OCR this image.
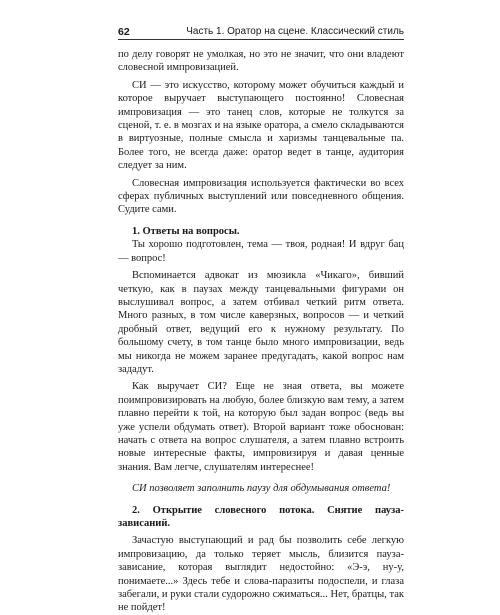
62	Часть 1. Оратор на сцене. Классический стиль

по делу говорят не умолкая, но это не значит, что они владеют словесной импровизацией.

СИ — это искусство, которому может обучиться каждый и которое выручает выступающего постоянно! Словесная импровизация — это танец слов, которые не толкутся за сценой, т. е. в мозгах и на языке оратора, а смело складываются в виртуозные, полные смысла и харизмы танцевальные па. Более того, не всегда даже: оратор ведет в танце, аудитория следует за ним.

Словесная импровизация используется фактически во всех сферах публичных выступлений или повседневного общения. Судите сами.

1. Ответы на вопросы.

Ты хорошо подготовлен, тема — твоя, родная! И вдруг бац — вопрос!

Вспоминается адвокат из мюзикла «Чикаго», бивший четкую, как в паузах между танцевальными фигурами он выслушивал вопрос, а затем отбивал четкий ритм ответа. Много разных, в том числе каверзных, вопросов — и четкий дробный ответ, ведущий его к нужному результату. По большому счету, в том танце было много импровизации, ведь мы никогда не можем заранее предугадать, какой вопрос нам зададут.

Как выручает СИ? Еще не зная ответа, вы можете поимпровизировать на любую, более близкую вам тему, а затем плавно перейти к той, на которую был задан вопрос (ведь вы уже успели обдумать ответ). Второй вариант тоже обоснован: начать с ответа на вопрос слушателя, а затем плавно встроить новые интересные факты, импровизируя и давая ценные знания. Вам легче, слушателям интереснее!

СИ позволяет заполнить паузу для обдумывания ответа!

2. Открытие словесного потока. Снятие пауза-зависаний.

Зачастую выступающий и рад бы позволить себе легкую импровизацию, да только теряет мысль, близится пауза-зависание, которая выглядит недостойно: «Э-э, ну-у, понимаете...» Здесь тебе и слова-паразиты подоспели, и глаза забегали, и руки стали судорожно сжиматься... Нет, братцы, так не пойдет!
